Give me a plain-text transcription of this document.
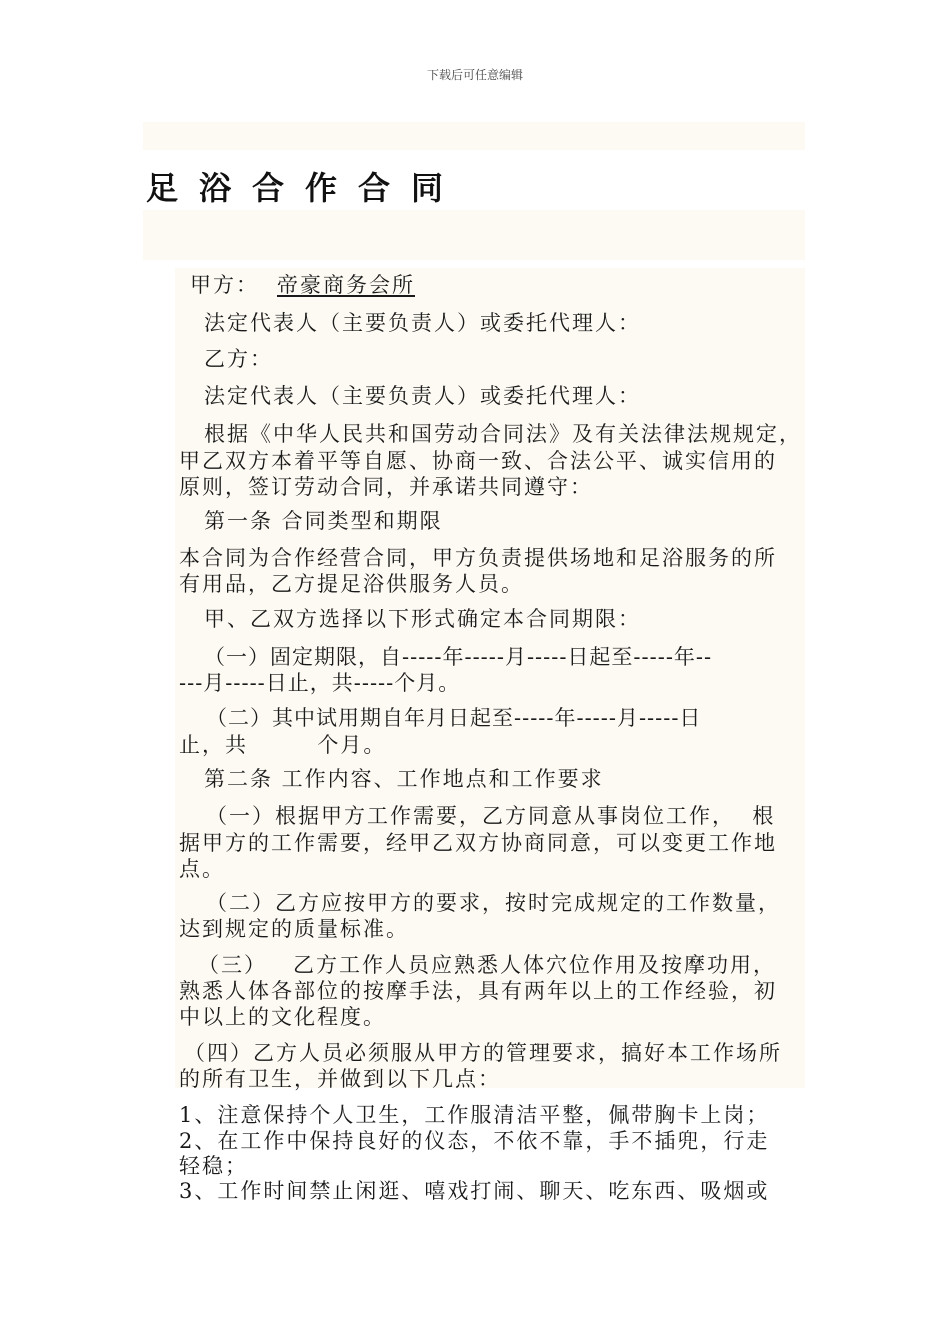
下载后可任意编辑
足浴合作合同
甲方： 帝豪商务会所
法定代表人（主要负责人）或委托代理人：
乙方：
法定代表人（主要负责人）或委托代理人：
根据《中华人民共和国劳动合同法》及有关法律法规规定，
甲乙双方本着平等自愿、协商一致、合法公平、诚实信用的
原则，签订劳动合同，并承诺共同遵守：
第一条 合同类型和期限
本合同为合作经营合同，甲方负责提供场地和足浴服务的所
有用品，乙方提足浴供服务人员。
甲、乙双方选择以下形式确定本合同期限：
（一）固定期限，自-----年-----月-----日起至-----年--
---月-----日止，共-----个月。
（二）其中试用期自年月日起至-----年-----月-----日
止，共        个月。
第二条 工作内容、工作地点和工作要求
（一）根据甲方工作需要，乙方同意从事岗位工作，  根
据甲方的工作需要，经甲乙双方协商同意，可以变更工作地
点。
（二）乙方应按甲方的要求，按时完成规定的工作数量，
达到规定的质量标准。
（三）   乙方工作人员应熟悉人体穴位作用及按摩功用，
熟悉人体各部位的按摩手法，具有两年以上的工作经验，初
中以上的文化程度。
（四）乙方人员必须服从甲方的管理要求，搞好本工作场所
的所有卫生，并做到以下几点：
1、注意保持个人卫生，工作服清洁平整，佩带胸卡上岗；
2、在工作中保持良好的仪态，不依不靠，手不插兜，行走
轻稳；
3、工作时间禁止闲逛、嘻戏打闹、聊天、吃东西、吸烟或
